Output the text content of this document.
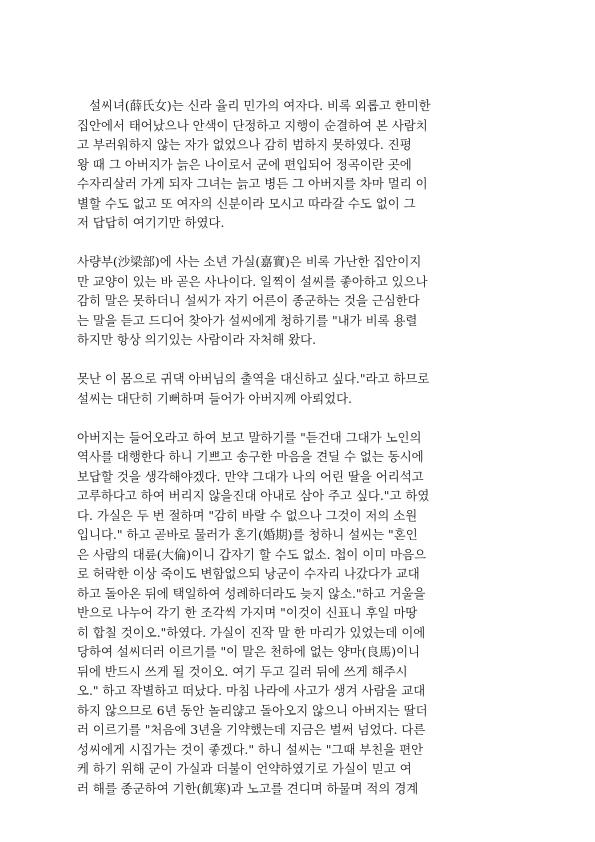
설씨녀(薛氏女)는 신라 율리 민가의 여자다. 비록 외롭고 한미한
집안에서 태어났으나 안색이 단정하고 지행이 순결하여 본 사람치
고 부러워하지 않는 자가 없었으나 감히 범하지 못하였다. 진평
왕 때 그 아버지가 늙은 나이로서 군에 편입되어 정곡이란 곳에
수자리살러 가게 되자 그녀는 늙고 병든 그 아버지를 차마 멀리 이
별할 수도 없고 또 여자의 신분이라 모시고 따라갈 수도 없이 그
저 답답히 여기기만 하였다.

사량부(沙梁部)에 사는 소년 가실(嘉實)은 비록 가난한 집안이지
만 교양이 있는 바 곧은 사나이다. 일찍이 설씨를 좋아하고 있으나
감히 말은 못하더니 설씨가 자기 어른이 종군하는 것을 근심한다
는 말을 듣고 드디어 찾아가 설씨에게 청하기를 "내가 비록 용렬
하지만 항상 의기있는 사람이라 자처해 왔다.

못난 이 몸으로 귀댁 아버님의 출역을 대신하고 싶다."라고 하므로
설씨는 대단히 기뻐하며 들어가 아버지께 아뢰었다.

아버지는 들어오라고 하여 보고 말하기를 "듣건대 그대가 노인의
역사를 대행한다 하니 기쁘고 송구한 마음을 견딜 수 없는 동시에
보답할 것을 생각해야겠다. 만약 그대가 나의 어린 딸을 어리석고
고루하다고 하여 버리지 않을진대 아내로 삼아 주고 싶다."고 하였
다. 가실은 두 번 절하며 "감히 바랄 수 없으나 그것이 저의 소원
입니다." 하고 곧바로 물러가 혼기(婚期)를 청하니 설씨는 "혼인
은 사람의 대륜(大倫)이니 갑자기 할 수도 없소. 첩이 이미 마음으
로 허락한 이상 죽이도 변함없으되 낭군이 수자리 나갔다가 교대
하고 돌아온 뒤에 택일하여 성례하더라도 늦지 않소."하고 거울을
반으로 나누어 각기 한 조각씩 가지며 "이것이 신표니 후일 마땅
히 합칠 것이오."하였다. 가실이 진작 말 한 마리가 있었는데 이에
당하여 설씨더러 이르기를 "이 말은 천하에 없는 양마(良馬)이니
뒤에 반드시 쓰게 될 것이오. 여기 두고 길러 뒤에 쓰게 해주시
오." 하고 작별하고 떠났다. 마침 나라에 사고가 생겨 사람을 교대
하지 않으므로 6년 동안 놀리얂고 돌아오지 않으니 아버지는 딸더
러 이르기를 "처음에 3년을 기약했는데 지금은 벌써 넘었다. 다른
성씨에게 시집가는 것이 좋겠다." 하니 설씨는 "그때 부친을 편안
케 하기 위해 군이 가실과 더불이 언약하였기로 가실이 믿고 여
러 해를 종군하여 기한(飢寒)과 노고를 견디며 하물며 적의 경계
